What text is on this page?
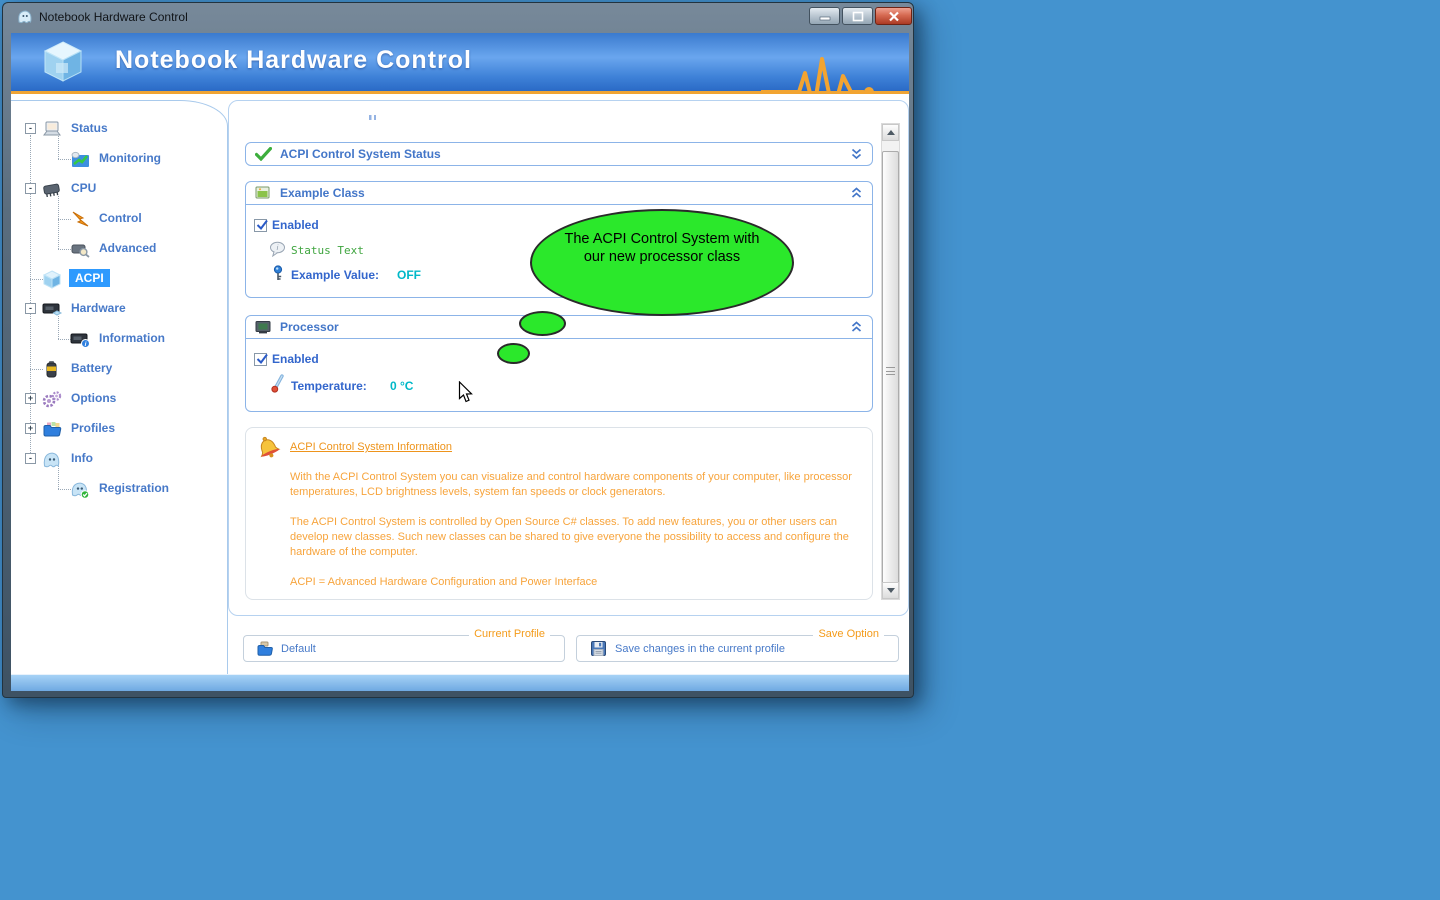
Notebook Hardware Control
Notebook Hardware Control
-	Status
Monitoring
-	CPU
Control
Advanced
ACPI
-	Hardware
i Information
Battery
+	Options
+	Profiles
-	Info
Registration
ACPI Control System Status
Example Class
Enabled
i Status Text
Example Value: OFF
Processor
Enabled
Temperature: 0 °C
ACPI Control System Information

With the ACPI Control System you can visualize and control hardware components of your computer, like processor temperatures, LCD brightness levels, system fan speeds or clock generators.

The ACPI Control System is controlled by Open Source C# classes. To add new features, you or other users can develop new classes. Such new classes can be shared to give everyone the possibility to access and configure the hardware of the computer.

ACPI = Advanced Hardware Configuration and Power Interface

The ACPI Control System with our new processor class
Current Profile
Default
Save Option
Save changes in the current profile
